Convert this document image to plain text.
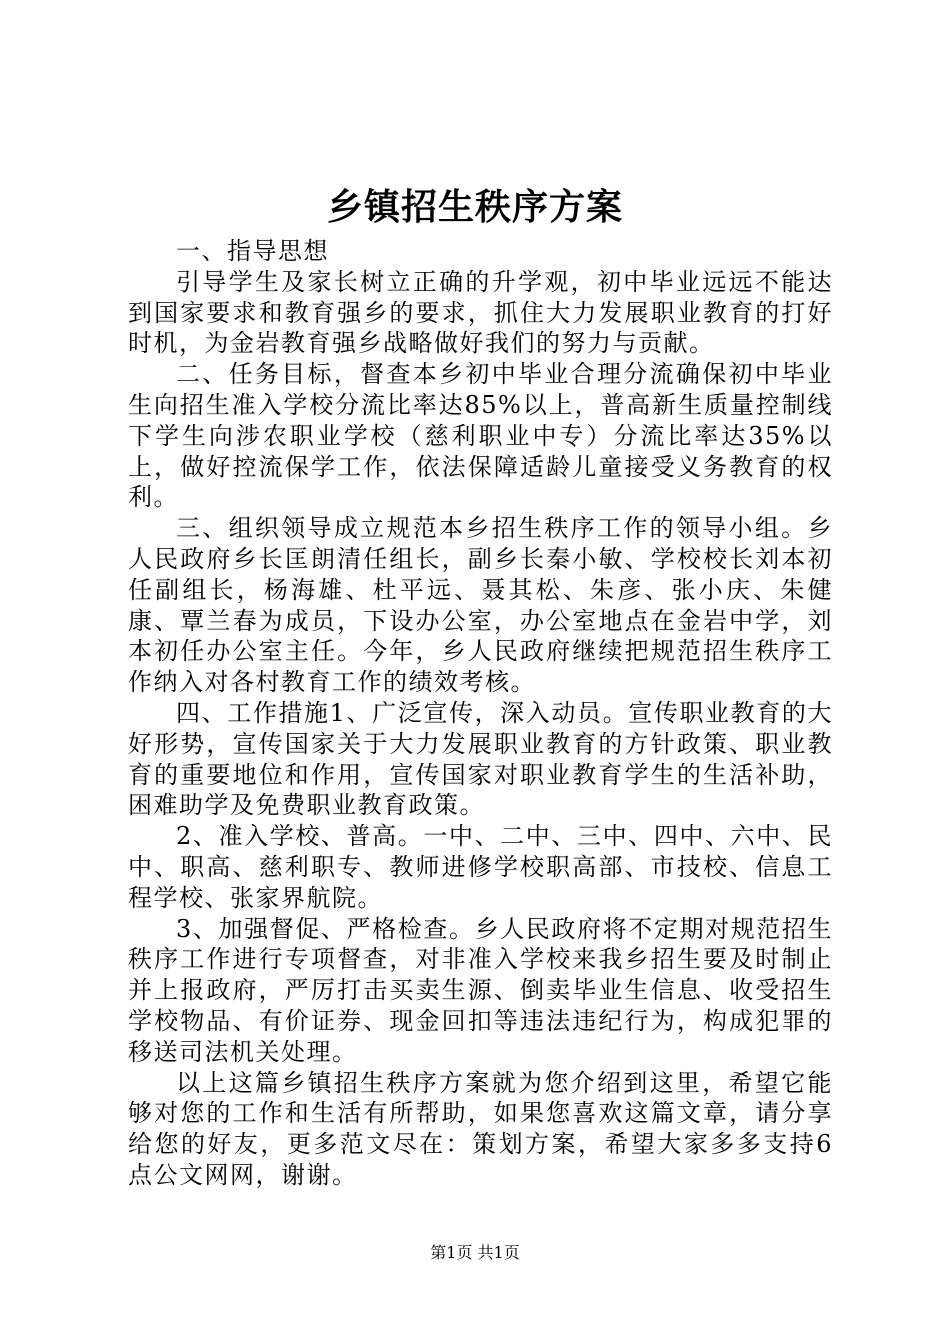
乡镇招生秩序方案

一、指导思想

引导学生及家长树立正确的升学观，初中毕业远远不能达到国家要求和教育强乡的要求，抓住大力发展职业教育的打好时机，为金岩教育强乡战略做好我们的努力与贡献。

二、任务目标，督查本乡初中毕业合理分流确保初中毕业生向招生准入学校分流比率达85%以上，普高新生质量控制线下学生向涉农职业学校（慈利职业中专）分流比率达35%以上，做好控流保学工作，依法保障适龄儿童接受义务教育的权利。

三、组织领导成立规范本乡招生秩序工作的领导小组。乡人民政府乡长匡朗清任组长，副乡长秦小敏、学校校长刘本初任副组长，杨海雄、杜平远、聂其松、朱彦、张小庆、朱健康、覃兰春为成员，下设办公室，办公室地点在金岩中学，刘本初任办公室主任。今年，乡人民政府继续把规范招生秩序工作纳入对各村教育工作的绩效考核。

四、工作措施1、广泛宣传，深入动员。宣传职业教育的大好形势，宣传国家关于大力发展职业教育的方针政策、职业教育的重要地位和作用，宣传国家对职业教育学生的生活补助，困难助学及免费职业教育政策。

2、准入学校、普高。一中、二中、三中、四中、六中、民中、职高、慈利职专、教师进修学校职高部、市技校、信息工程学校、张家界航院。

3、加强督促、严格检查。乡人民政府将不定期对规范招生秩序工作进行专项督查，对非准入学校来我乡招生要及时制止并上报政府，严厉打击买卖生源、倒卖毕业生信息、收受招生学校物品、有价证券、现金回扣等违法违纪行为，构成犯罪的移送司法机关处理。

以上这篇乡镇招生秩序方案就为您介绍到这里，希望它能够对您的工作和生活有所帮助，如果您喜欢这篇文章，请分享给您的好友，更多范文尽在：策划方案，希望大家多多支持6点公文网网，谢谢。

第1页 共1页
